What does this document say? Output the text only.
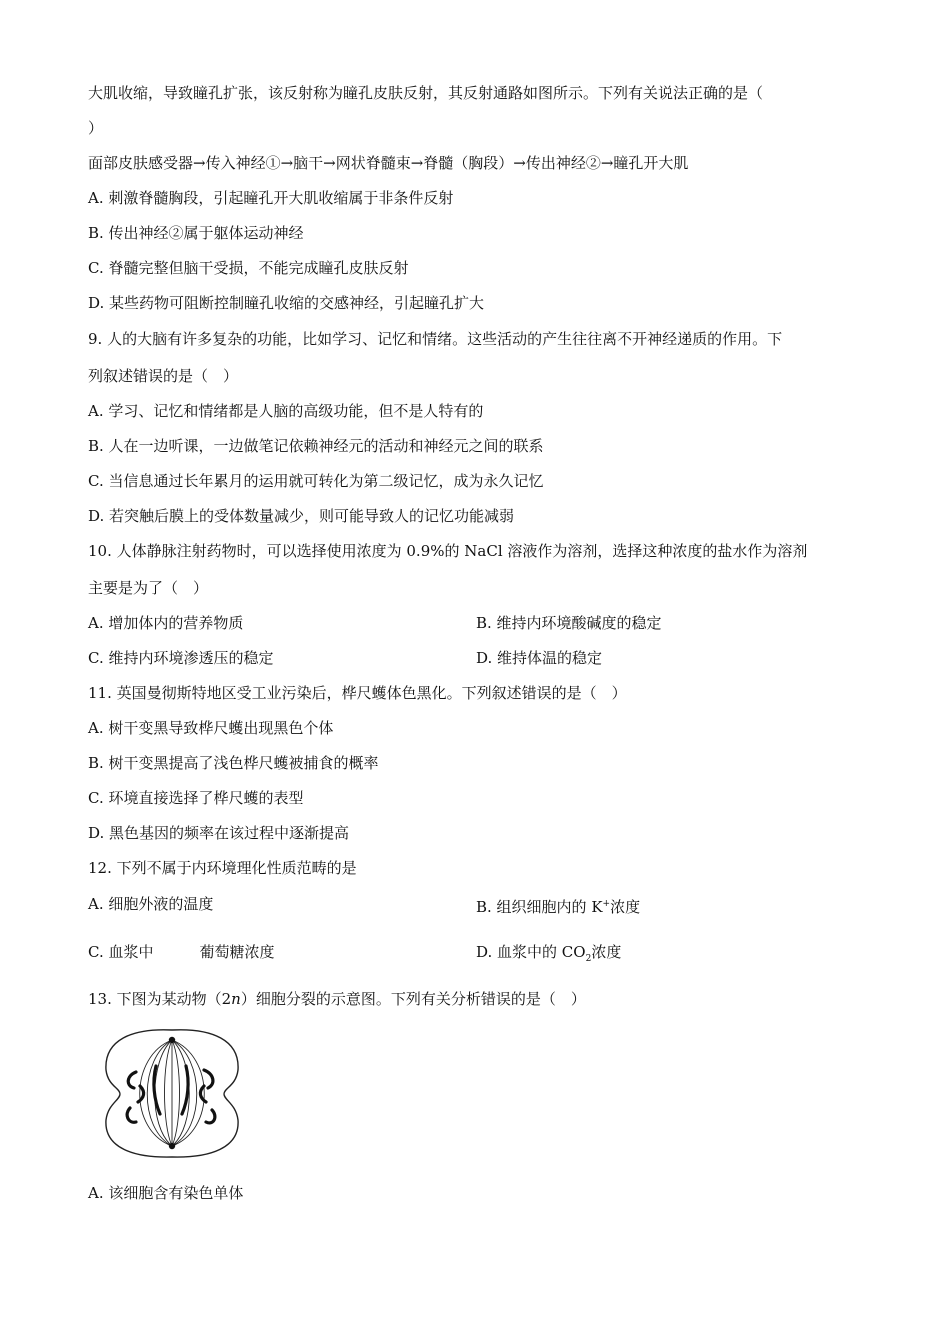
大肌收缩，导致瞳孔扩张，该反射称为瞳孔皮肤反射，其反射通路如图所示。下列有关说法正确的是（
）
面部皮肤感受器→传入神经①→脑干→网状脊髓束→脊髓（胸段）→传出神经②→瞳孔开大肌
A. 刺激脊髓胸段，引起瞳孔开大肌收缩属于非条件反射
B. 传出神经②属于躯体运动神经
C. 脊髓完整但脑干受损，不能完成瞳孔皮肤反射
D. 某些药物可阻断控制瞳孔收缩的交感神经，引起瞳孔扩大
9. 人的大脑有许多复杂的功能，比如学习、记忆和情绪。这些活动的产生往往离不开神经递质的作用。下
列叙述错误的是（　）
A. 学习、记忆和情绪都是人脑的高级功能，但不是人特有的
B. 人在一边听课，一边做笔记依赖神经元的活动和神经元之间的联系
C. 当信息通过长年累月的运用就可转化为第二级记忆，成为永久记忆
D. 若突触后膜上的受体数量减少，则可能导致人的记忆功能减弱
10. 人体静脉注射药物时，可以选择使用浓度为 0.9%的 NaCl 溶液作为溶剂，选择这种浓度的盐水作为溶剂
主要是为了（　）
A. 增加体内的营养物质	B. 维持内环境酸碱度的稳定
C. 维持内环境渗透压的稳定	D. 维持体温的稳定
11. 英国曼彻斯特地区受工业污染后，桦尺蠖体色黑化。下列叙述错误的是（　）
A. 树干变黑导致桦尺蠖出现黑色个体
B. 树干变黑提高了浅色桦尺蠖被捕食的概率
C. 环境直接选择了桦尺蠖的表型
D. 黑色基因的频率在该过程中逐渐提高
12. 下列不属于内环境理化性质范畴的是
A. 细胞外液的温度	B. 组织细胞内的 K+浓度
C. 血浆中	葡萄糖浓度	D. 血浆中的 $CO_2$浓度
13. 下图为某动物（2n）细胞分裂的示意图。下列有关分析错误的是（　）
A. 该细胞含有染色单体
